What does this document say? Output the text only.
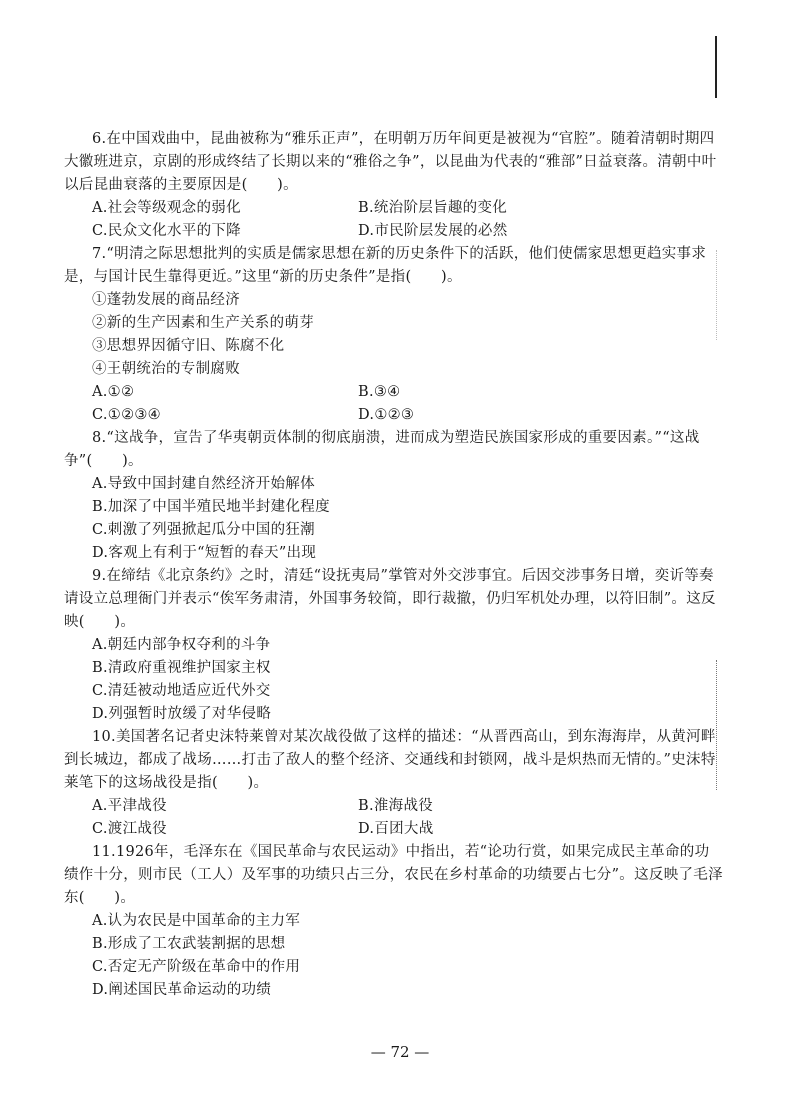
6.在中国戏曲中，昆曲被称为“雅乐正声”，在明朝万历年间更是被视为“官腔”。随着清朝时期四大徽班进京，京剧的形成终结了长期以来的“雅俗之争”，以昆曲为代表的“雅部”日益衰落。清朝中叶以后昆曲衰落的主要原因是(　　)。

A.社会等级观念的弱化	B.统治阶层旨趣的变化
C.民众文化水平的下降	D.市民阶层发展的必然

7.“明清之际思想批判的实质是儒家思想在新的历史条件下的活跃，他们使儒家思想更趋实事求是，与国计民生靠得更近。”这里“新的历史条件”是指(　　)。

①蓬勃发展的商品经济

②新的生产因素和生产关系的萌芽

③思想界因循守旧、陈腐不化

④王朝统治的专制腐败

A.①②	B.③④
C.①②③④	D.①②③

8.“这战争，宣告了华夷朝贡体制的彻底崩溃，进而成为塑造民族国家形成的重要因素。”“这战争”(　　)。

A.导致中国封建自然经济开始解体

B.加深了中国半殖民地半封建化程度

C.刺激了列强掀起瓜分中国的狂潮

D.客观上有利于“短暂的春天”出现

9.在缔结《北京条约》之时，清廷“设抚夷局”掌管对外交涉事宜。后因交涉事务日增，奕䜣等奏请设立总理衙门并表示“俟军务肃清，外国事务较简，即行裁撤，仍归军机处办理，以符旧制”。这反映(　　)。

A.朝廷内部争权夺利的斗争

B.清政府重视维护国家主权

C.清廷被动地适应近代外交

D.列强暂时放缓了对华侵略

10.美国著名记者史沫特莱曾对某次战役做了这样的描述：“从晋西高山，到东海海岸，从黄河畔到长城边，都成了战场……打击了敌人的整个经济、交通线和封锁网，战斗是炽热而无情的。”史沫特莱笔下的这场战役是指(　　)。

A.平津战役	B.淮海战役
C.渡江战役	D.百团大战

11.1926年，毛泽东在《国民革命与农民运动》中指出，若“论功行赏，如果完成民主革命的功绩作十分，则市民（工人）及军事的功绩只占三分，农民在乡村革命的功绩要占七分”。这反映了毛泽东(　　)。

A.认为农民是中国革命的主力军

B.形成了工农武装割据的思想

C.否定无产阶级在革命中的作用

D.阐述国民革命运动的功绩

— 72 —
